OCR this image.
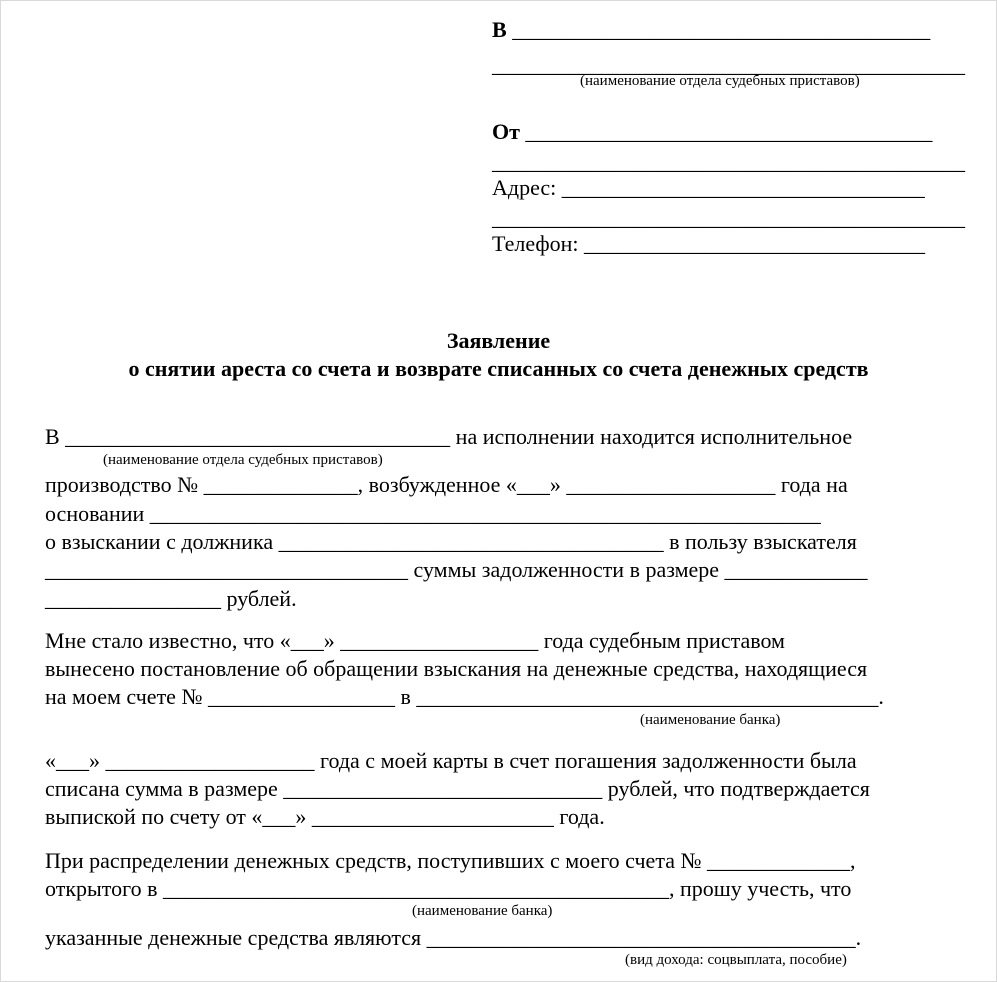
В ______________________________________
___________________________________________
(наименование отдела судебных приставов)
От _____________________________________
___________________________________________
Адрес: _________________________________
___________________________________________
Телефон: _______________________________
Заявление
о снятии ареста со счета и возврате списанных со счета денежных средств
В ___________________________________ на исполнении находится исполнительное
(наименование отдела судебных приставов)
производство № ______________, возбужденное «___» ___________________ года на
основании _____________________________________________________________
о взыскании с должника ___________________________________ в пользу взыскателя
_________________________________ суммы задолженности в размере _____________
________________ рублей.
Мне стало известно, что «___» __________________ года судебным приставом
вынесено постановление об обращении взыскания на денежные средства, находящиеся
на моем счете № _________________ в __________________________________________.
(наименование банка)
«___» ___________________ года с моей карты в счет погашения задолженности была
списана сумма в размере _____________________________ рублей, что подтверждается
выпиской по счету от «___» ______________________ года.
При распределении денежных средств, поступивших с моего счета № _____________,
открытого в ______________________________________________, прошу учесть, что
(наименование банка)
указанные денежные средства являются _______________________________________.
(вид дохода: соцвыплата, пособие)
